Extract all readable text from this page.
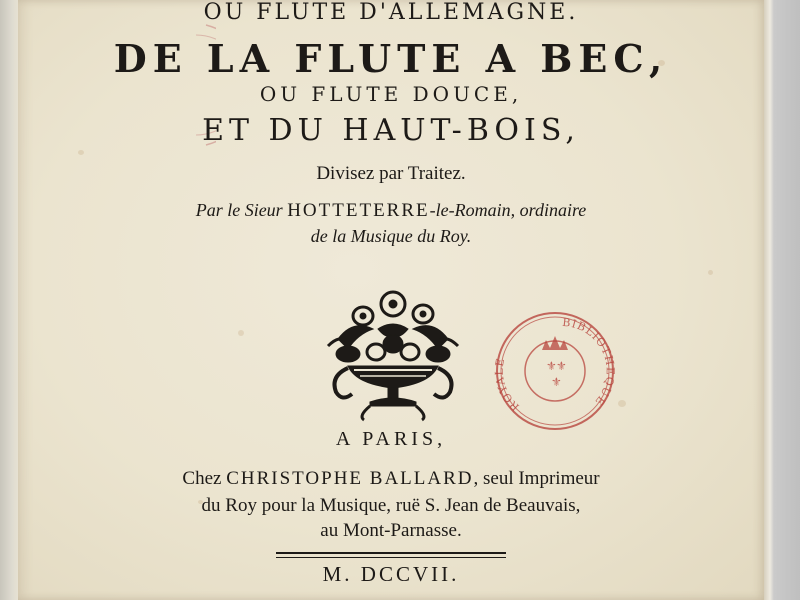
OU FLUTE D'ALLEMAGNE.
DE LA FLUTE A BEC,
OU FLUTE DOUCE,
ET DU HAUT-BOIS,
Divisez par Traitez.
Par le Sieur HOTTETERRE-le-Romain, ordinaire
de la Musique du Roy.
ROYALE
BIBLIOTHEQUE
⚜ ⚜
⚜
A PARIS,
Chez CHRISTOPHE BALLARD, seul Imprimeur
du Roy pour la Musique, ruë S. Jean de Beauvais,
au Mont-Parnasse.
M. DCCVII.
